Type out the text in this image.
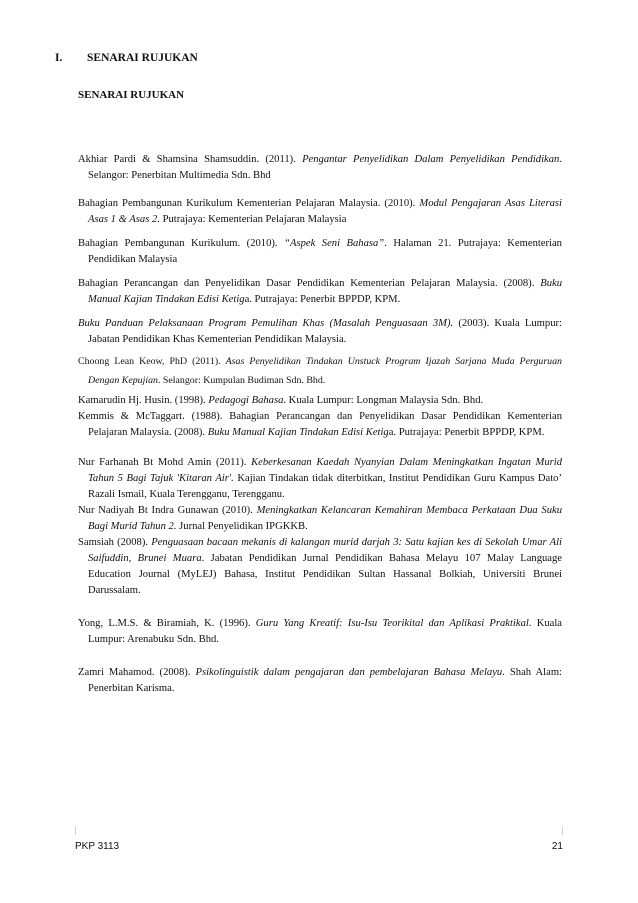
I. SENARAI RUJUKAN
SENARAI RUJUKAN

Akhiar Pardi & Shamsina Shamsuddin. (2011). Pengantar Penyelidikan Dalam Penyelidikan Pendidikan. Selangor: Penerbitan Multimedia Sdn. Bhd

Bahagian Pembangunan Kurikulum Kementerian Pelajaran Malaysia. (2010). Modul Pengajaran Asas Literasi Asas 1 & Asas 2. Putrajaya: Kementerian Pelajaran Malaysia

Bahagian Pembangunan Kurikulum. (2010). “Aspek Seni Bahasa”. Halaman 21. Putrajaya: Kementerian Pendidikan Malaysia

Bahagian Perancangan dan Penyelidikan Dasar Pendidikan Kementerian Pelajaran Malaysia. (2008). Buku Manual Kajian Tindakan Edisi Ketiga. Putrajaya: Penerbit BPPDP, KPM.

Buku Panduan Pelaksanaan Program Pemulihan Khas (Masalah Penguasaan 3M). (2003). Kuala Lumpur: Jabatan Pendidikan Khas Kementerian Pendidikan Malaysia.

Choong Lean Keow, PhD (2011). Asas Penyelidikan Tindakan Unstuck Program Ijazah Sarjana Muda Perguruan Dengan Kepujian. Selangor: Kumpulan Budiman Sdn. Bhd.

Kamarudin Hj. Husin. (1998). Pedagogi Bahasa. Kuala Lumpur: Longman Malaysia Sdn. Bhd.

Kemmis & McTaggart. (1988). Bahagian Perancangan dan Penyelidikan Dasar Pendidikan Kementerian Pelajaran Malaysia. (2008). Buku Manual Kajian Tindakan Edisi Ketiga. Putrajaya: Penerbit BPPDP, KPM.

Nur Farhanah Bt Mohd Amin (2011). Keberkesanan Kaedah Nyanyian Dalam Meningkatkan Ingatan Murid Tahun 5 Bagi Tajuk 'Kitaran Air'. Kajian Tindakan tidak diterbitkan, Institut Pendidikan Guru Kampus Dato’ Razali Ismail, Kuala Terengganu, Terengganu.

Nur Nadiyah Bt Indra Gunawan (2010). Meningkatkan Kelancaran Kemahiran Membaca Perkataan Dua Suku Bagi Murid Tahun 2. Jurnal Penyelidikan IPGKKB.

Samsiah (2008). Penguasaan bacaan mekanis di kalangan murid darjah 3: Satu kajian kes di Sekolah Umar Ali Saifuddin, Brunei Muara. Jabatan Pendidikan Jurnal Pendidikan Bahasa Melayu 107 Malay Language Education Journal (MyLEJ) Bahasa, Institut Pendidikan Sultan Hassanal Bolkiah, Universiti Brunei Darussalam.

Yong, L.M.S. & Biramiah, K. (1996). Guru Yang Kreatif: Isu-Isu Teorikital dan Aplikasi Praktikal. Kuala Lumpur: Arenabuku Sdn. Bhd.

Zamri Mahamod. (2008). Psikolinguistik dalam pengajaran dan pembelajaran Bahasa Melayu. Shah Alam: Penerbitan Karisma.

PKP 3113	21
